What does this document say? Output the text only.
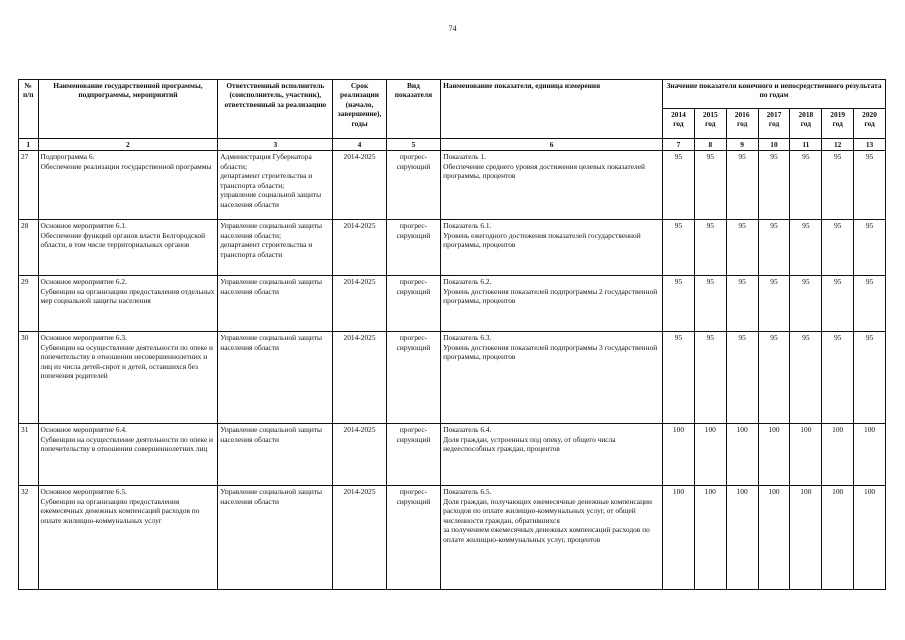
74
№ п/п	Наименование государственной программы, подпрограммы, мероприятий	Ответственный исполнитель (соисполнитель, участник), ответственный за реализацию	Срок реализации (начало, завершение), годы	Вид показателя	Наименование показателя, единица измерения	Значение показателя конечного и непосредственного результата по годам						
						2014 год	2015 год	2016 год	2017 год	2018 год	2019 год	2020 год
1	2	3	4	5	6	7	8	9	10	11	12	13
27	Подпрограмма 6.
Обеспечение реализации государственной программы	Администрация Губернатора области;
департамент строительства и транспорта области;
управление социальной защиты населения области	2014-2025	прогрес-сирующий	Показатель 1.
Обеспечение среднего уровня достижения целевых показателей программы, процентов	95	95	95	95	95	95	95
28	Основное мероприятие 6.1.
Обеспечение функций органов власти Белгородской области, в том числе территориальных органов	Управление социальной защиты населения области;
департамент строительства и транспорта области	2014-2025	прогрес-сирующий	Показатель 6.1.
Уровень ежегодного достижения показателей государственной программы, процентов	95	95	95	95	95	95	95
29	Основное мероприятие 6.2.
Субвенции на организацию предоставления отдельных мер социальной защиты населения	Управление социальной защиты населения области	2014-2025	прогрес-сирующий	Показатель 6.2.
Уровень достижения показателей подпрограммы 2 государственной программы, процентов	95	95	95	95	95	95	95
30	Основное мероприятие 6.3.
Субвенции на осуществление деятельности по опеке и попечительству в отношении несовершеннолетних и лиц из числа детей-сирот и детей, оставшихся без попечения родителей	Управление социальной защиты населения области	2014-2025	прогрес-сирующий	Показатель 6.3.
Уровень достижения показателей подпрограммы 3 государственной программы, процентов	95	95	95	95	95	95	95
31	Основное мероприятие 6.4.
Субвенции на осуществление деятельности по опеке и попечительству в отношении совершеннолетних лиц	Управление социальной защиты населения области	2014-2025	прогрес-сирующий	Показатель 6.4.
Доля граждан, устроенных под опеку, от общего числа недееспособных граждан, процентов	100	100	100	100	100	100	100
32	Основное мероприятие 6.5.
Субвенции на организацию предоставления ежемесячных денежных компенсаций расходов по оплате жилищно-коммунальных услуг	Управление социальной защиты населения области	2014-2025	прогрес-сирующий	Показатель 6.5.
Доля граждан, получающих ежемесячные денежные компенсации расходов по оплате жилищно-коммунальных услуг, от общей численности граждан, обратившихся
за получением ежемесячных денежных компенсаций расходов по оплате жилищно-коммунальных услуг, процентов	100	100	100	100	100	100	100
